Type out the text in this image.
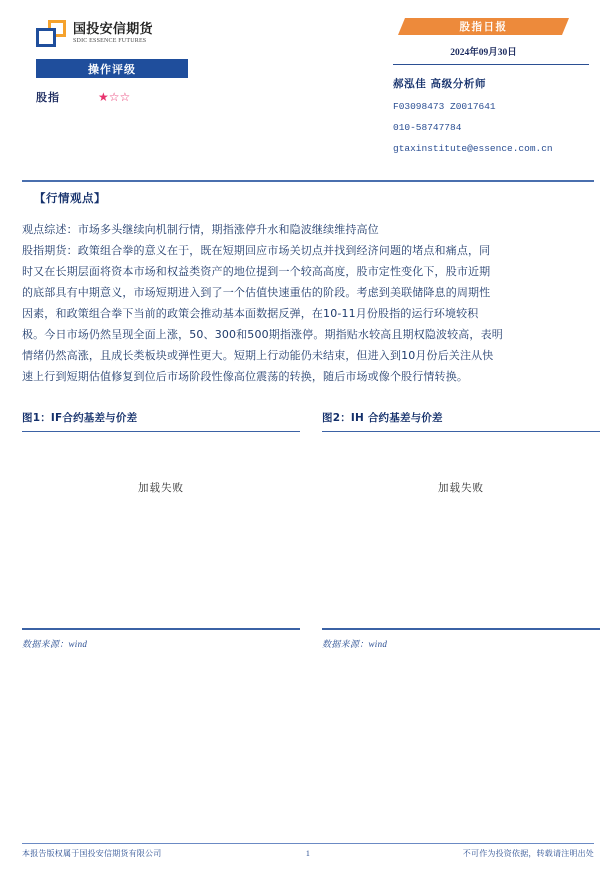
国投安信期货
SDIC ESSENCE FUTURES
操作评级
股指	★☆☆
股指日报
2024年09月30日
郝泓佳 高级分析师
F03098473 Z0017641
010-58747784
gtaxinstitute@essence.com.cn
【行情观点】
观点综述：市场多头继续向机制行情，期指涨停升水和隐波继续维持高位
股指期货：政策组合拳的意义在于，既在短期回应市场关切点并找到经济问题的堵点和痛点，同
时又在长期层面将资本市场和权益类资产的地位提到一个较高高度，股市定性变化下，股市近期
的底部具有中期意义，市场短期进入到了一个估值快速重估的阶段。考虑到美联储降息的周期性
因素，和政策组合拳下当前的政策会推动基本面数据反弹，在10-11月份股指的运行环境较积
极。今日市场仍然呈现全面上涨，50、300和500期指涨停。期指贴水较高且期权隐波较高，表明
情绪仍然高涨，且成长类板块或弹性更大。短期上行动能仍未结束，但进入到10月份后关注从快
速上行到短期估值修复到位后市场阶段性像高位震荡的转换，随后市场或像个股行情转换。
图1：IF合约基差与价差
加载失败
数据来源：wind
图2：IH 合约基差与价差
加载失败
数据来源：wind
本报告版权属于国投安信期货有限公司	1	不可作为投资依据，转载请注明出处
